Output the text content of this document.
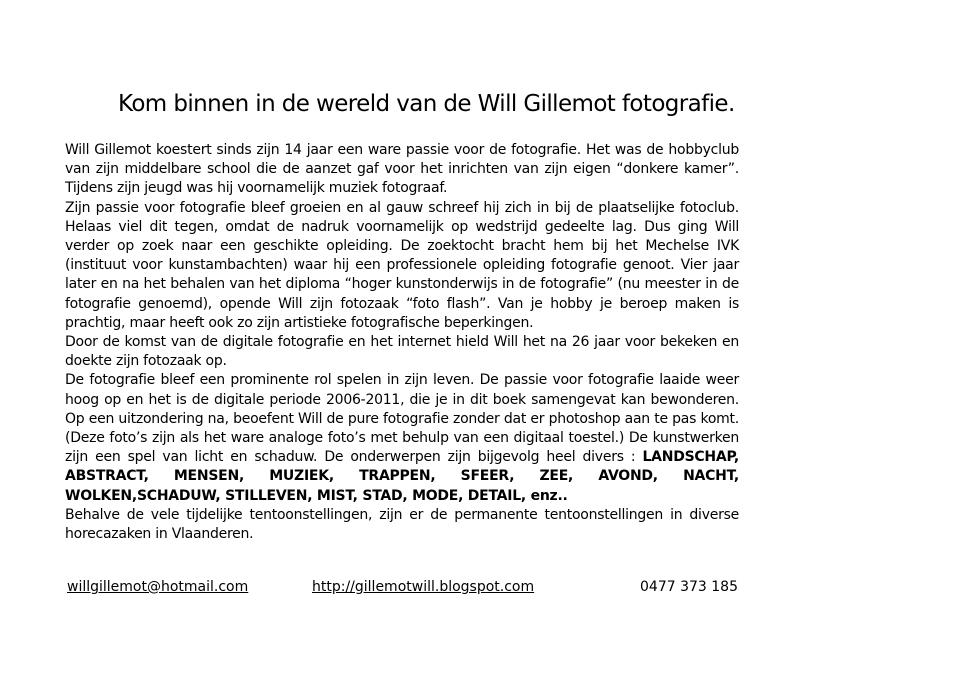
Kom binnen in de wereld van de Will Gillemot fotografie.

Will Gillemot koestert sinds zijn 14 jaar een ware passie voor de fotografie. Het was de hobbyclub van zijn middelbare school die de aanzet gaf voor het inrichten van zijn eigen “donkere kamer”. Tijdens zijn jeugd was hij voornamelijk muziek fotograaf.

Zijn passie voor fotografie bleef groeien en al gauw schreef hij zich in bij de plaatselijke fotoclub. Helaas viel dit tegen, omdat de nadruk voornamelijk op wedstrijd gedeelte lag. Dus ging Will verder op zoek naar een geschikte opleiding. De zoektocht bracht hem bij het Mechelse IVK (instituut voor kunstambachten) waar hij een professionele opleiding fotografie genoot. Vier jaar later en na het behalen van het diploma “hoger kunstonderwijs in de fotografie” (nu meester in de fotografie genoemd), opende Will zijn fotozaak “foto flash”. Van je hobby je beroep maken is prachtig, maar heeft ook zo zijn artistieke fotografische beperkingen.

Door de komst van de digitale fotografie en het internet hield Will het na 26 jaar voor bekeken en doekte zijn fotozaak op.

De fotografie bleef een prominente rol spelen in zijn leven. De passie voor fotografie laaide weer hoog op en het is de digitale periode 2006-2011, die je in dit boek samengevat kan bewonderen. Op een uitzondering na, beoefent Will de pure fotografie zonder dat er photoshop aan te pas komt. (Deze foto’s zijn als het ware analoge foto’s met behulp van een digitaal toestel.) De kunstwerken zijn een spel van licht en schaduw. De onderwerpen zijn bijgevolg heel divers : LANDSCHAP, ABSTRACT, MENSEN, MUZIEK, TRAPPEN, SFEER, ZEE, AVOND, NACHT, WOLKEN,SCHADUW, STILLEVEN, MIST, STAD, MODE, DETAIL, enz..

Behalve de vele tijdelijke tentoonstellingen, zijn er de permanente tentoonstellingen in diverse horecazaken in Vlaanderen.

willgillemot@hotmail.com	http://gillemotwill.blogspot.com	0477 373 185
